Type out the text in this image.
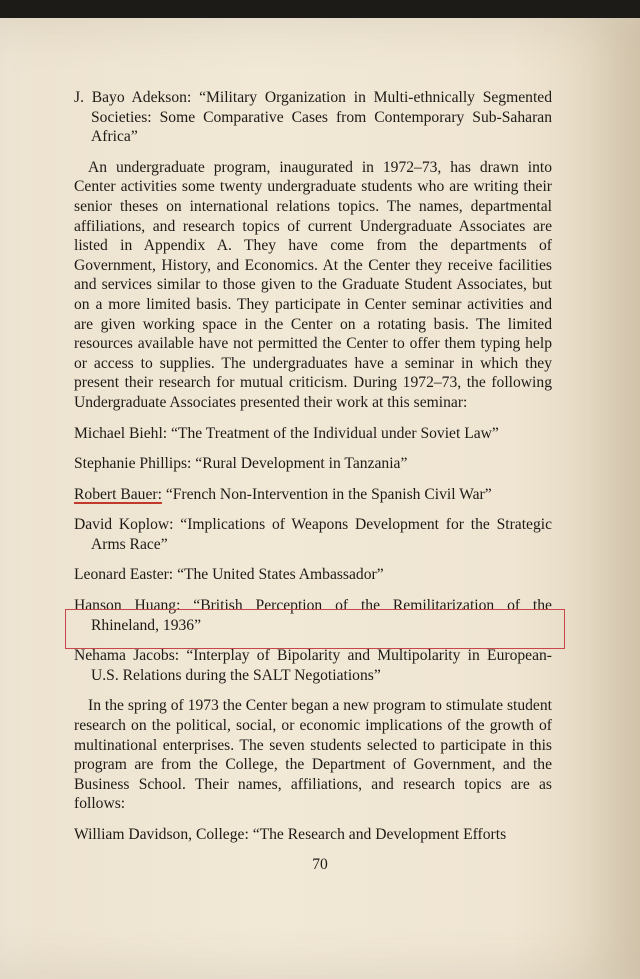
J. Bayo Adekson: “Military Organization in Multi-ethnically Segmented Societies: Some Comparative Cases from Contemporary Sub-Saharan Africa”

An undergraduate program, inaugurated in 1972–73, has drawn into Center activities some twenty undergraduate students who are writing their senior theses on international relations topics. The names, departmental affiliations, and research topics of current Undergraduate Associates are listed in Appendix A. They have come from the departments of Government, History, and Economics. At the Center they receive facilities and services similar to those given to the Graduate Student Associates, but on a more limited basis. They participate in Center seminar activities and are given working space in the Center on a rotating basis. The limited resources available have not permitted the Center to offer them typing help or access to supplies. The undergraduates have a seminar in which they present their research for mutual criticism. During 1972–73, the following Undergraduate Associates presented their work at this seminar:

Michael Biehl: “The Treatment of the Individual under Soviet Law”

Stephanie Phillips: “Rural Development in Tanzania”

Robert Bauer: “French Non-Intervention in the Spanish Civil War”

David Koplow: “Implications of Weapons Development for the Strategic Arms Race”

Leonard Easter: “The United States Ambassador”

Hanson Huang: “British Perception of the Remilitarization of the Rhineland, 1936”

Nehama Jacobs: “Interplay of Bipolarity and Multipolarity in European-U.S. Relations during the SALT Negotiations”

In the spring of 1973 the Center began a new program to stimulate student research on the political, social, or economic implications of the growth of multinational enterprises. The seven students selected to participate in this program are from the College, the Department of Government, and the Business School. Their names, affiliations, and research topics are as follows:

William Davidson, College: “The Research and Development Efforts

70
